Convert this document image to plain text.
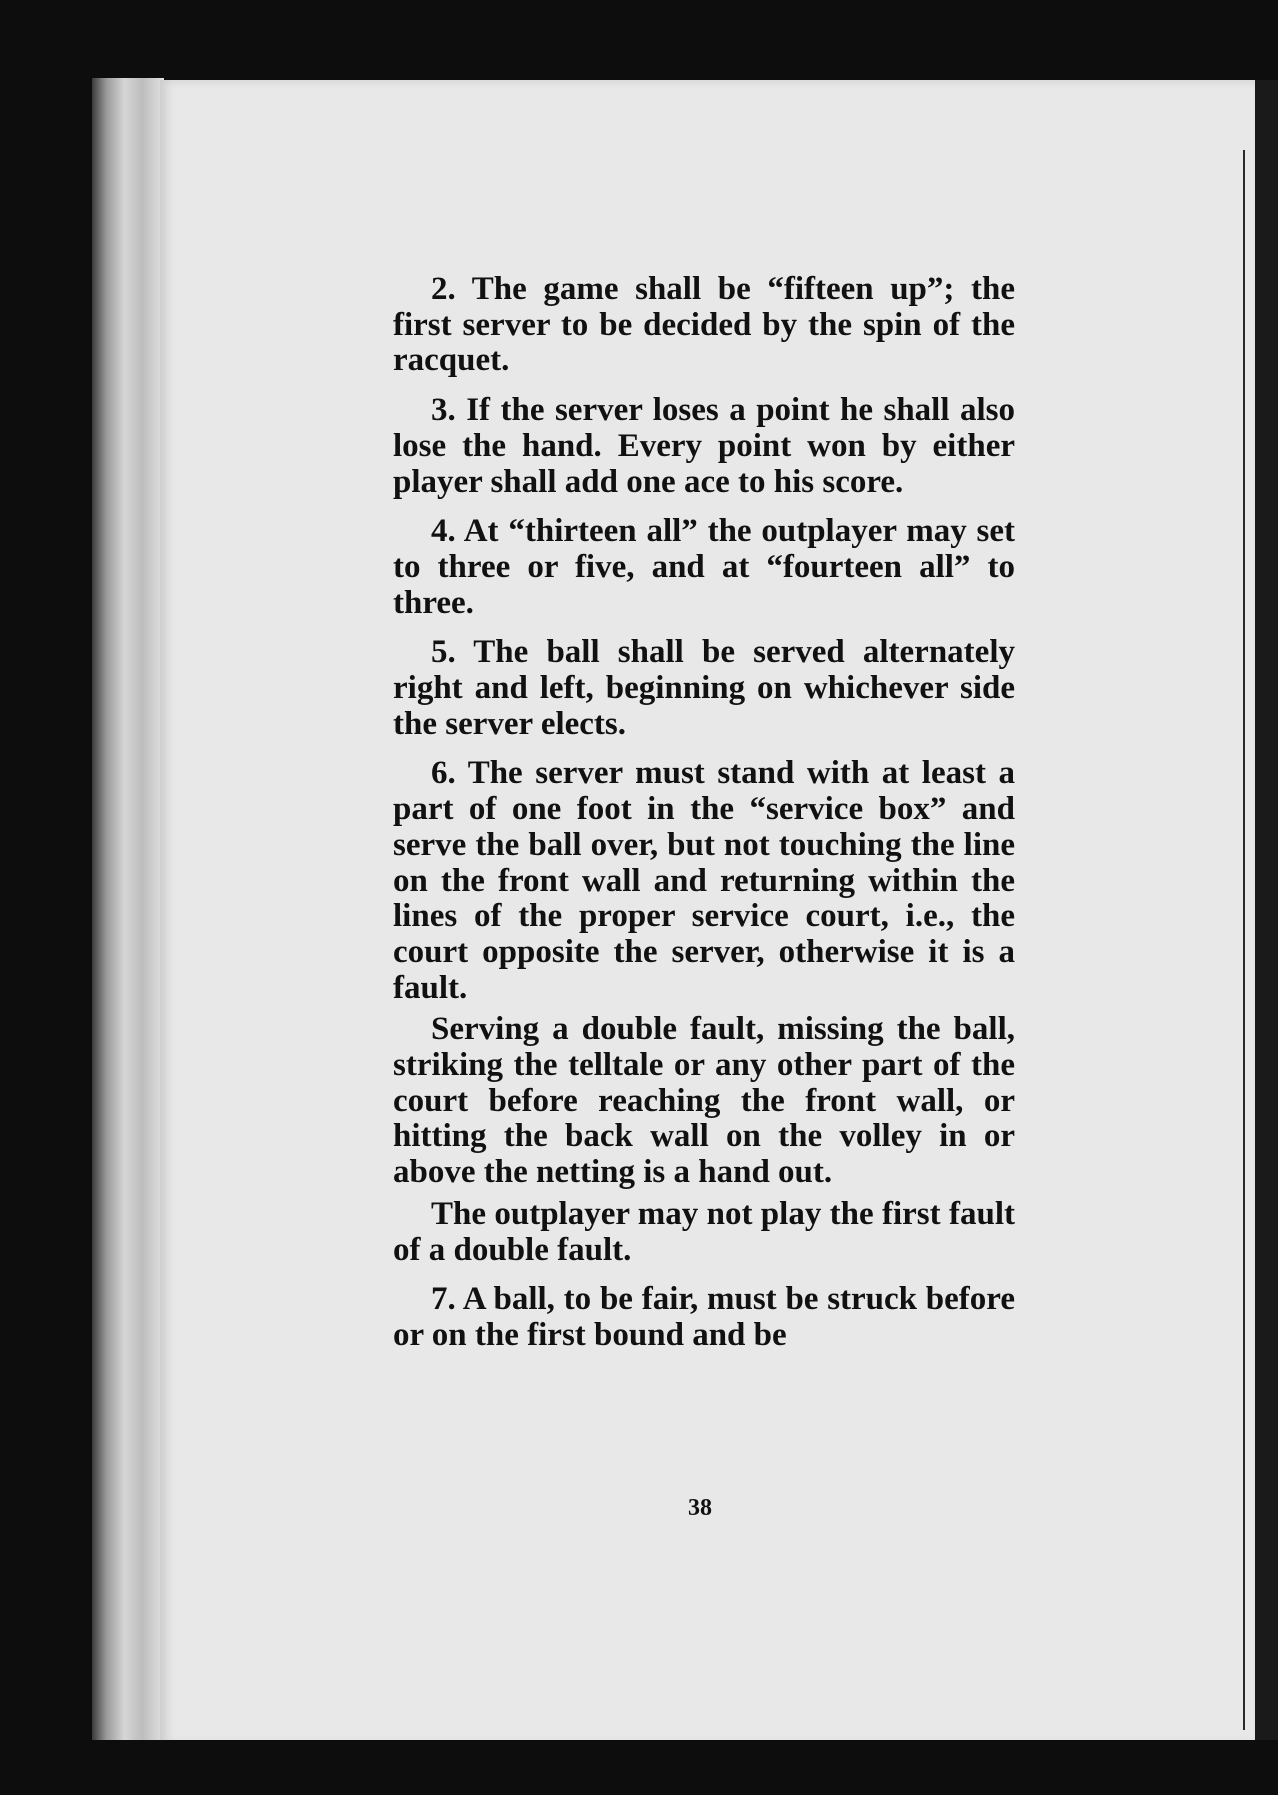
2. The game shall be “fifteen up”; the first server to be decided by the spin of the racquet.

3. If the server loses a point he shall also lose the hand. Every point won by either player shall add one ace to his score.

4. At “thirteen all” the outplayer may set to three or five, and at “fourteen all” to three.

5. The ball shall be served alternately right and left, beginning on whichever side the server elects.

6. The server must stand with at least a part of one foot in the “service box” and serve the ball over, but not touching the line on the front wall and returning within the lines of the proper service court, i.e., the court opposite the server, otherwise it is a fault.

Serving a double fault, missing the ball, striking the telltale or any other part of the court before reaching the front wall, or hitting the back wall on the volley in or above the netting is a hand out.

The outplayer may not play the first fault of a double fault.

7. A ball, to be fair, must be struck before or on the first bound and be

38
